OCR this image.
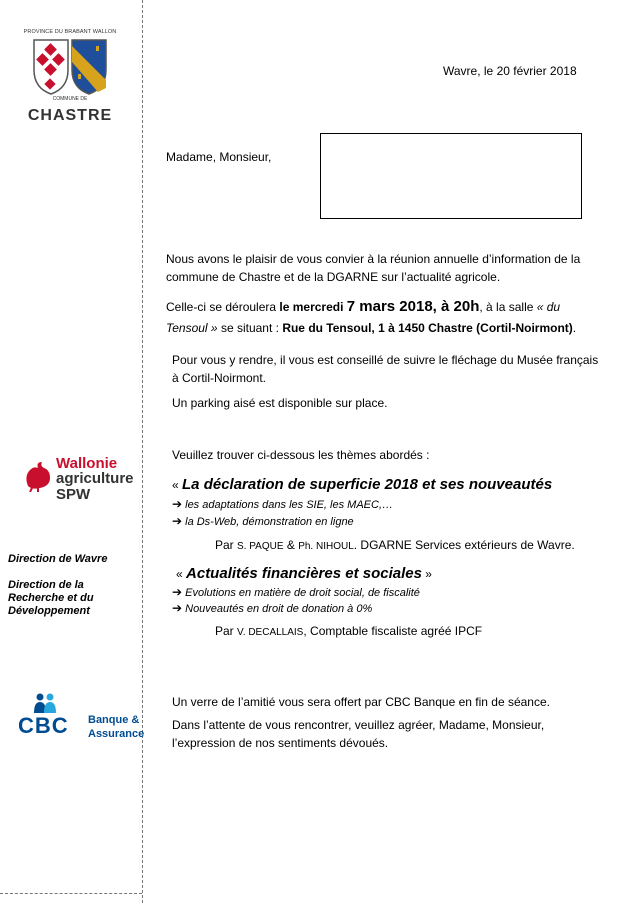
PROVINCE DU BRABANT WALLON
COMMUNE DE
CHASTRE
Wallonie
agriculture
SPW

Direction de Wavre

Direction de la Recherche et du Développement

CBC Banque &
Assurance
Wavre, le 20 février 2018
Madame, Monsieur,
Nous avons le plaisir de vous convier à la réunion annuelle d’information de la commune de Chastre et de la DGARNE sur l’actualité agricole.
Celle-ci se déroulera le mercredi 7 mars 2018, à 20h, à la salle « du Tensoul » se situant : Rue du Tensoul, 1 à 1450 Chastre (Cortil-Noirmont).
Pour vous y rendre, il vous est conseillé de suivre le fléchage du Musée français à Cortil-Noirmont.
Un parking aisé est disponible sur place.
Veuillez trouver ci-dessous les thèmes abordés :
« La déclaration de superficie 2018 et ses nouveautés
➔ les adaptations dans les SIE, les MAEC,…
➔ la Ds-Web, démonstration en ligne
Par S. PAQUE & Ph. NIHOUL. DGARNE Services extérieurs de Wavre.
« Actualités financières et sociales »
➔ Evolutions en matière de droit social, de fiscalité
➔ Nouveautés en droit de donation à 0%
Par V. DECALLAIS, Comptable fiscaliste agréé IPCF
Un verre de l’amitié vous sera offert par CBC Banque en fin de séance.
Dans l’attente de vous rencontrer, veuillez agréer, Madame, Monsieur, l’expression de nos sentiments dévoués.
